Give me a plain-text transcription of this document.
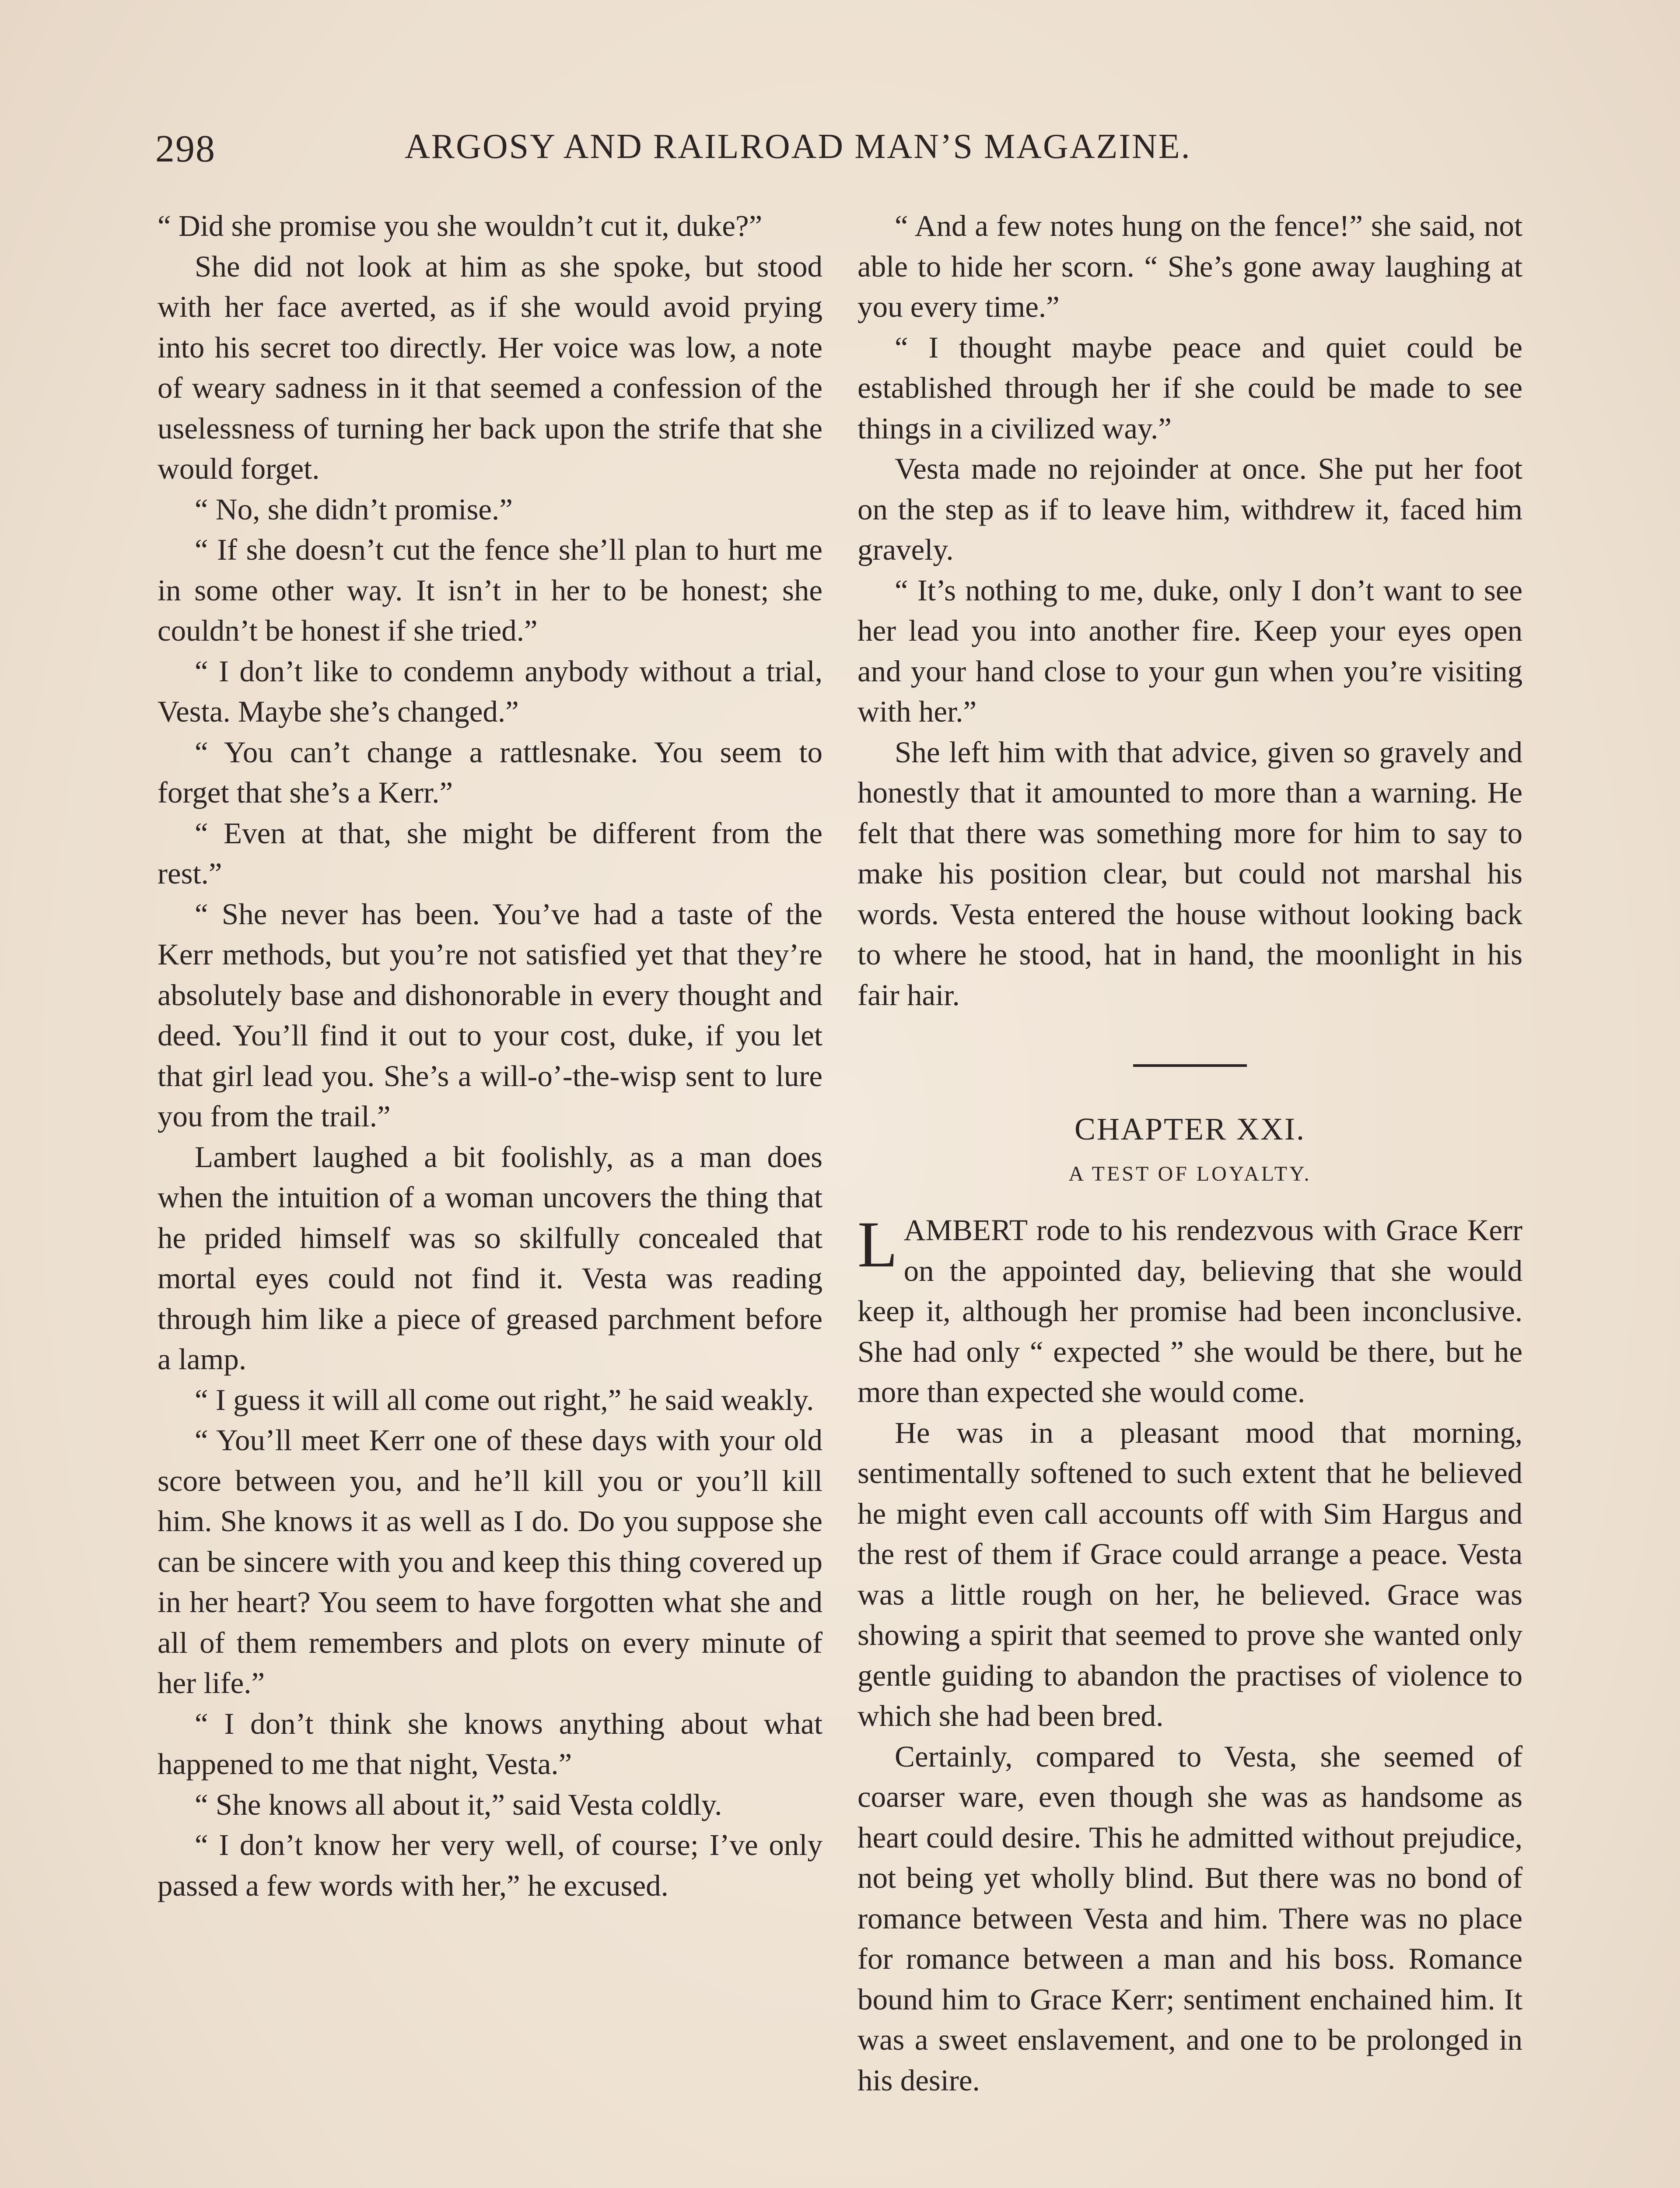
298	ARGOSY AND RAILROAD MAN’S MAGAZINE.

“ Did she promise you she wouldn’t cut it, duke?”

She did not look at him as she spoke, but stood with her face averted, as if she would avoid prying into his secret too directly. Her voice was low, a note of weary sadness in it that seemed a confession of the uselessness of turning her back upon the strife that she would forget.

“ No, she didn’t promise.”

“ If she doesn’t cut the fence she’ll plan to hurt me in some other way. It isn’t in her to be honest; she couldn’t be honest if she tried.”

“ I don’t like to condemn anybody without a trial, Vesta. Maybe she’s changed.”

“ You can’t change a rattlesnake. You seem to forget that she’s a Kerr.”

“ Even at that, she might be different from the rest.”

“ She never has been. You’ve had a taste of the Kerr methods, but you’re not satisfied yet that they’re absolutely base and dishonorable in every thought and deed. You’ll find it out to your cost, duke, if you let that girl lead you. She’s a will-o’-the-wisp sent to lure you from the trail.”

Lambert laughed a bit foolishly, as a man does when the intuition of a woman uncovers the thing that he prided himself was so skilfully concealed that mortal eyes could not find it. Vesta was reading through him like a piece of greased parchment before a lamp.

“ I guess it will all come out right,” he said weakly.

“ You’ll meet Kerr one of these days with your old score between you, and he’ll kill you or you’ll kill him. She knows it as well as I do. Do you suppose she can be sincere with you and keep this thing covered up in her heart? You seem to have forgotten what she and all of them remembers and plots on every minute of her life.”

“ I don’t think she knows anything about what happened to me that night, Vesta.”

“ She knows all about it,” said Vesta coldly.

“ I don’t know her very well, of course; I’ve only passed a few words with her,” he excused.

“ And a few notes hung on the fence!” she said, not able to hide her scorn. “ She’s gone away laughing at you every time.”

“ I thought maybe peace and quiet could be established through her if she could be made to see things in a civilized way.”

Vesta made no rejoinder at once. She put her foot on the step as if to leave him, withdrew it, faced him gravely.

“ It’s nothing to me, duke, only I don’t want to see her lead you into another fire. Keep your eyes open and your hand close to your gun when you’re visiting with her.”

She left him with that advice, given so gravely and honestly that it amounted to more than a warning. He felt that there was something more for him to say to make his position clear, but could not marshal his words. Vesta entered the house without looking back to where he stood, hat in hand, the moonlight in his fair hair.

CHAPTER XXI.
A TEST OF LOYALTY.

LAMBERT rode to his rendezvous with Grace Kerr on the appointed day, believing that she would keep it, although her promise had been inconclusive. She had only “ expected ” she would be there, but he more than expected she would come.

He was in a pleasant mood that morning, sentimentally softened to such extent that he believed he might even call accounts off with Sim Hargus and the rest of them if Grace could arrange a peace. Vesta was a little rough on her, he believed. Grace was showing a spirit that seemed to prove she wanted only gentle guiding to abandon the practises of violence to which she had been bred.

Certainly, compared to Vesta, she seemed of coarser ware, even though she was as handsome as heart could desire. This he admitted without prejudice, not being yet wholly blind. But there was no bond of romance between Vesta and him. There was no place for romance between a man and his boss. Romance bound him to Grace Kerr; sentiment enchained him. It was a sweet enslavement, and one to be prolonged in his desire.
